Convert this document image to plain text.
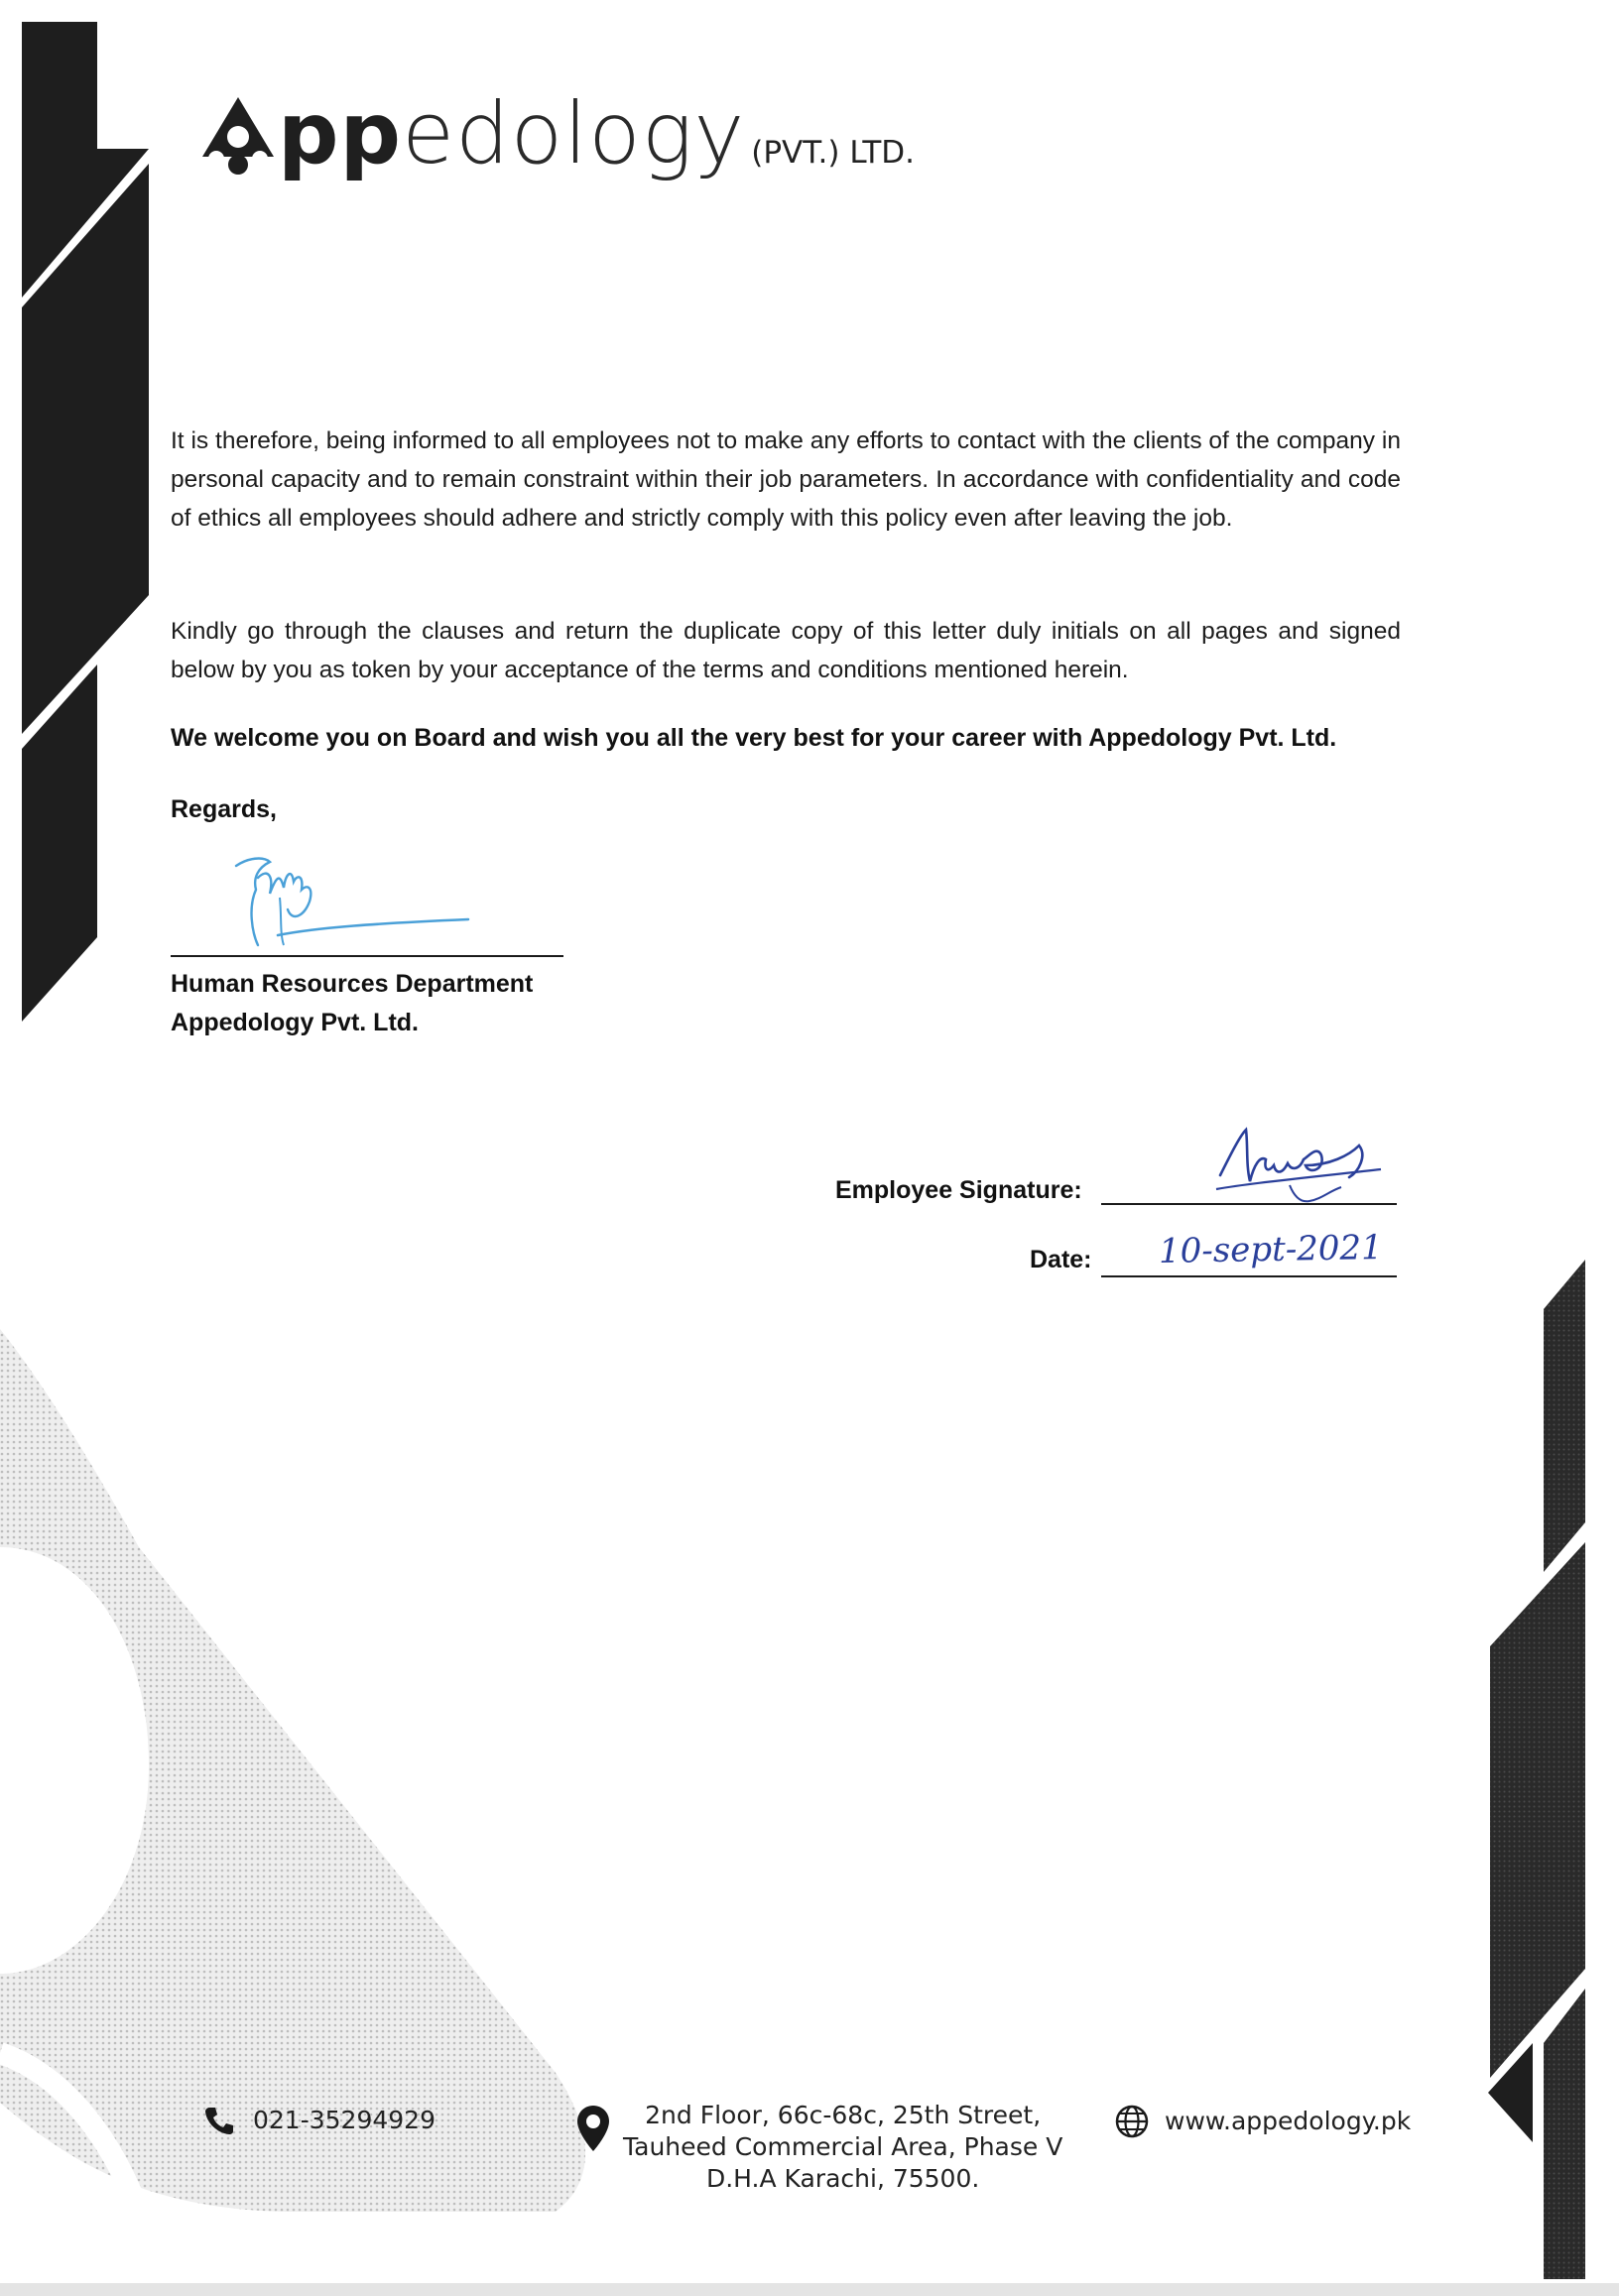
ppedology (PVT.) LTD.
It is therefore, being informed to all employees not to make any efforts to contact with the clients of the company in personal capacity and to remain constraint within their job parameters. In accordance with confidentiality and code of ethics all employees should adhere and strictly comply with this policy even after leaving the job.
Kindly go through the clauses and return the duplicate copy of this letter duly initials on all pages and signed below by you as token by your acceptance of the terms and conditions mentioned herein.
We welcome you on Board and wish you all the very best for your career with Appedology Pvt. Ltd.
Regards,
Human Resources Department
Appedology Pvt. Ltd.
Employee Signature:
Date: 10-sept-2021
021-35294929	2nd Floor, 66c-68c, 25th Street,
Tauheed Commercial Area, Phase V
D.H.A Karachi, 75500.
www.appedology.pk
